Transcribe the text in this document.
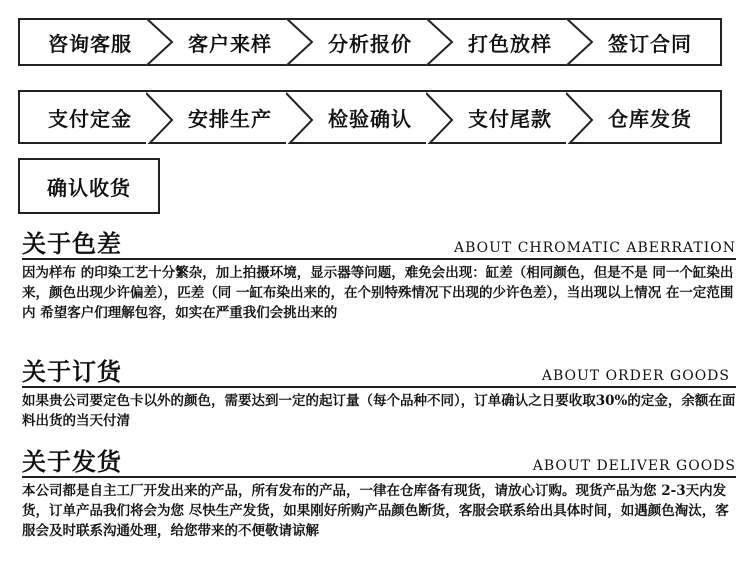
咨询客服	客户来样	分析报价	打色放样	签订合同
支付定金	安排生产	检验确认	支付尾款	仓库发货
确认收货
关于色差	ABOUT CHROMATIC ABERRATION
因为样布 的印染工艺十分繁杂，加上拍摄环境，显示器等问题，难免会出现：缸差（相同颜色，但是不是 同一个缸染出来，颜色出现少许偏差），匹差（同 一缸布染出来的，在个别特殊情况下出现的少许色差），当出现以上情况 在一定范围内 希望客户们理解包容，如实在严重我们会挑出来的
关于订货	ABOUT ORDER GOODS
如果贵公司要定色卡以外的颜色，需要达到一定的起订量（每个品种不同），订单确认之日要收取30%的定金，余额在面料出货的当天付清
关于发货	ABOUT DELIVER GOODS
本公司都是自主工厂开发出来的产品，所有发布的产品，一律在仓库备有现货，请放心订购。现货产品为您 2-3天内发货，订单产品我们将会为您 尽快生产发货，如果刚好所购产品颜色断货，客服会联系给出具体时间，如遇颜色淘汰，客服会及时联系沟通处理，给您带来的不便敬请谅解
